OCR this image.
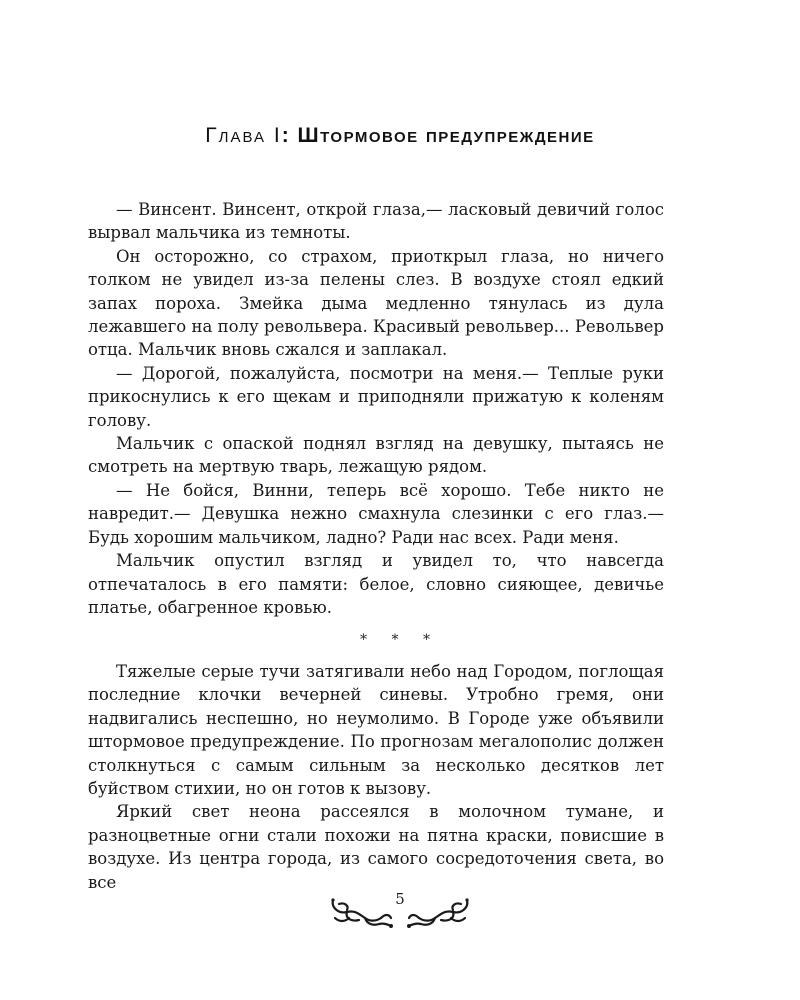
Глава I: Штормовое предупреждение

— Винсент. Винсент, открой глаза,— ласковый девичий голос вырвал мальчика из темноты.

Он осторожно, со страхом, приоткрыл глаза, но ничего толком не увидел из-за пелены слез. В воздухе стоял едкий запах пороха. Змейка дыма медленно тянулась из дула лежавшего на полу револьвера. Красивый револьвер... Револьвер отца. Мальчик вновь сжался и заплакал.

— Дорогой, пожалуйста, посмотри на меня.— Теплые руки прикоснулись к его щекам и приподняли прижатую к коленям голову.

Мальчик с опаской поднял взгляд на девушку, пытаясь не смотреть на мертвую тварь, лежащую рядом.

— Не бойся, Винни, теперь всё хорошо. Тебе никто не навредит.— Девушка нежно смахнула слезинки с его глаз.— Будь хорошим мальчиком, ладно? Ради нас всех. Ради меня.

Мальчик опустил взгляд и увидел то, что навсегда отпечаталось в его памяти: белое, словно сияющее, девичье платье, обагренное кровью.

* * *

Тяжелые серые тучи затягивали небо над Городом, поглощая последние клочки вечерней синевы. Утробно гремя, они надвигались неспешно, но неумолимо. В Городе уже объявили штормовое предупреждение. По прогнозам мегалополис должен столкнуться с самым сильным за несколько десятков лет буйством стихии, но он готов к вызову.

Яркий свет неона рассеялся в молочном тумане, и разноцветные огни стали похожи на пятна краски, повисшие в воздухе. Из центра города, из самого сосредоточения света, во все

5
